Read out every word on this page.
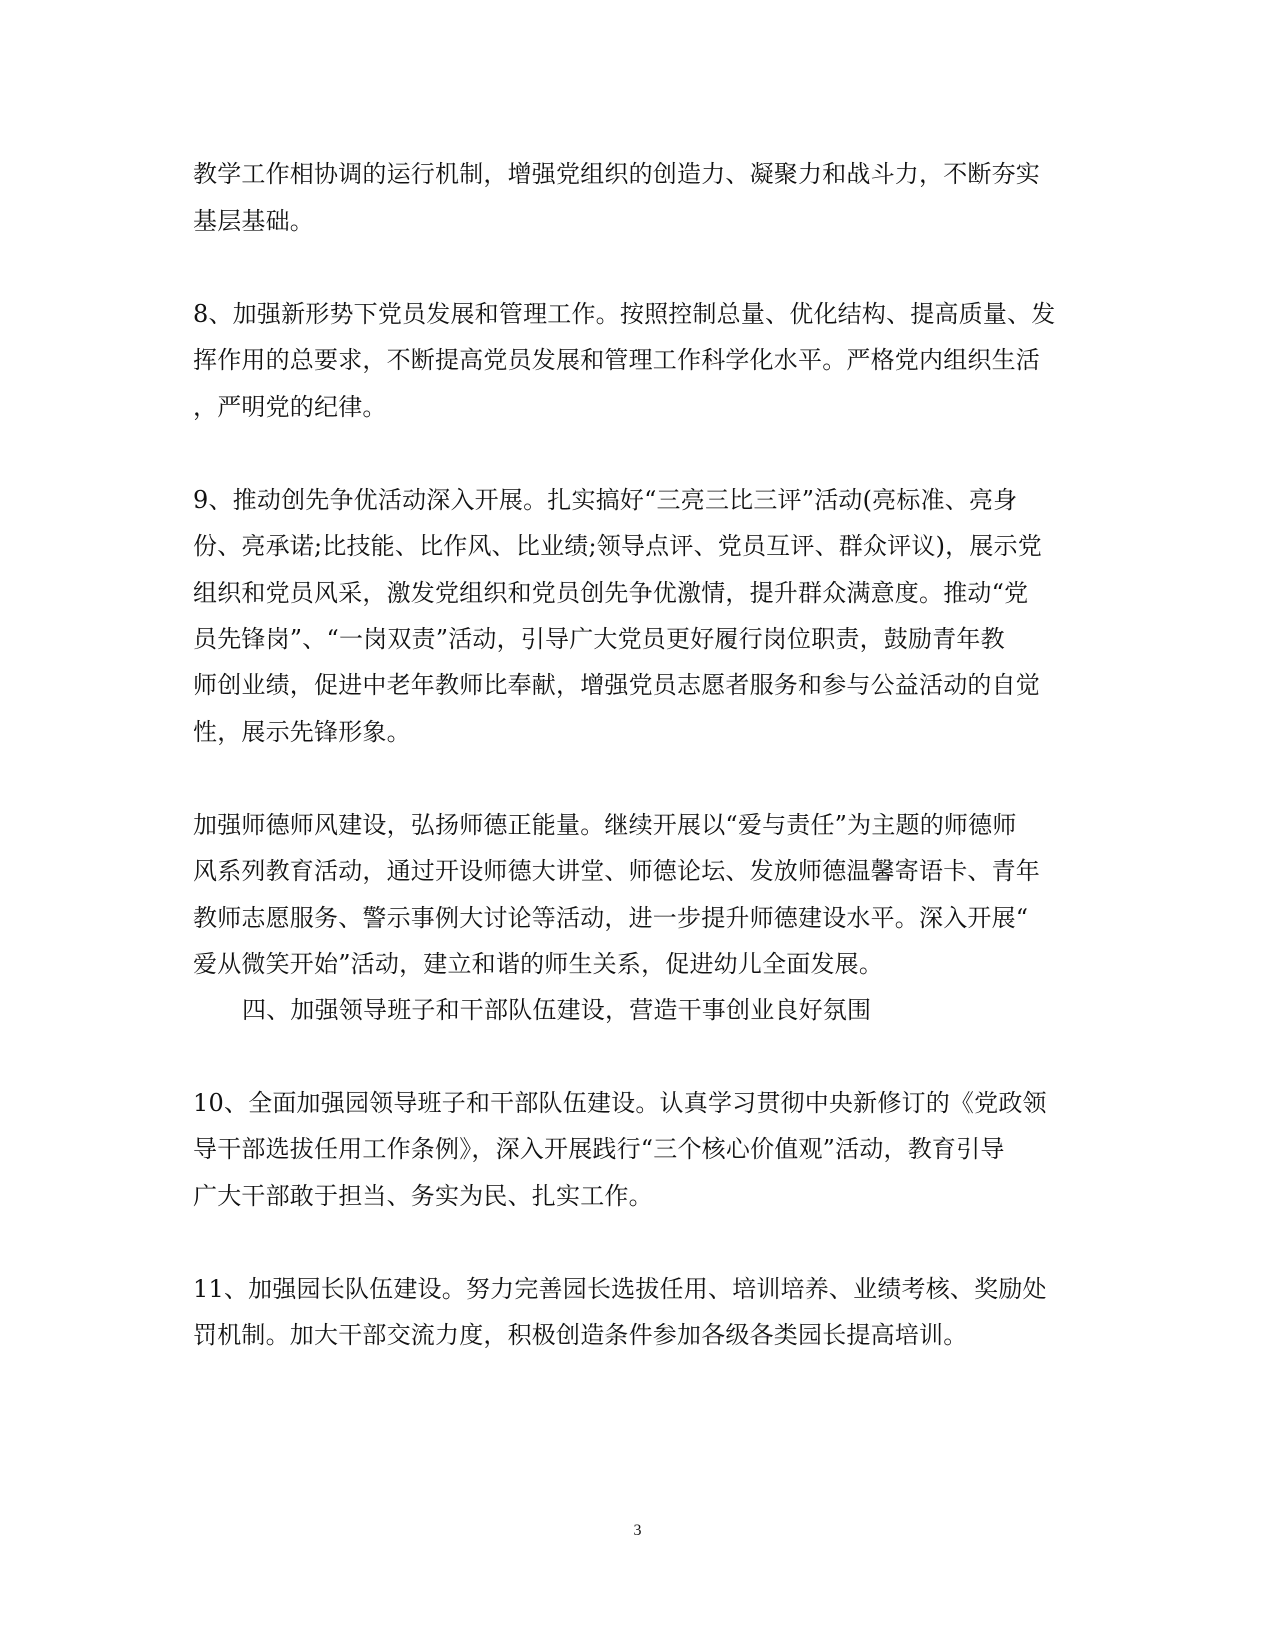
教学工作相协调的运行机制，增强党组织的创造力、凝聚力和战斗力，不断夯实
基层基础。
8、加强新形势下党员发展和管理工作。按照控制总量、优化结构、提高质量、发
挥作用的总要求，不断提高党员发展和管理工作科学化水平。严格党内组织生活
，严明党的纪律。
9、推动创先争优活动深入开展。扎实搞好“三亮三比三评”活动(亮标准、亮身
份、亮承诺;比技能、比作风、比业绩;领导点评、党员互评、群众评议)，展示党
组织和党员风采，激发党组织和党员创先争优激情，提升群众满意度。推动“党
员先锋岗”、“一岗双责”活动，引导广大党员更好履行岗位职责，鼓励青年教
师创业绩，促进中老年教师比奉献，增强党员志愿者服务和参与公益活动的自觉
性，展示先锋形象。
加强师德师风建设，弘扬师德正能量。继续开展以“爱与责任”为主题的师德师
风系列教育活动，通过开设师德大讲堂、师德论坛、发放师德温馨寄语卡、青年
教师志愿服务、警示事例大讨论等活动，进一步提升师德建设水平。深入开展“
爱从微笑开始”活动，建立和谐的师生关系，促进幼儿全面发展。
四、加强领导班子和干部队伍建设，营造干事创业良好氛围
10、全面加强园领导班子和干部队伍建设。认真学习贯彻中央新修订的《党政领
导干部选拔任用工作条例》，深入开展践行“三个核心价值观”活动，教育引导
广大干部敢于担当、务实为民、扎实工作。
11、加强园长队伍建设。努力完善园长选拔任用、培训培养、业绩考核、奖励处
罚机制。加大干部交流力度，积极创造条件参加各级各类园长提高培训。
3
